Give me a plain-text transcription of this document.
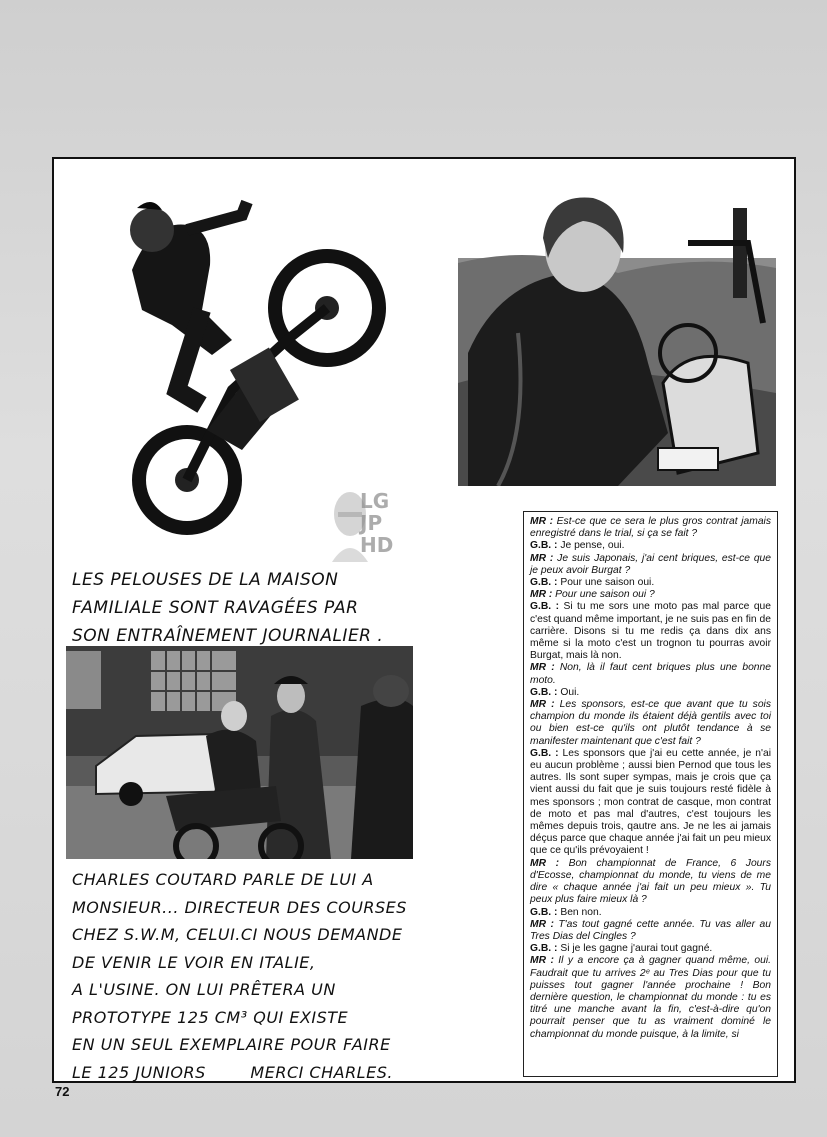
LG
JP
HD
LES PELOUSES DE LA MAISON
FAMILIALE SONT RAVAGÉES PAR
SON ENTRAÎNEMENT JOURNALIER .
CHARLES COUTARD PARLE DE LUI A
MONSIEUR... DIRECTEUR DES COURSES
CHEZ S.W.M, CELUI.CI NOUS DEMANDE
DE VENIR LE VOIR EN ITALIE,
A L'USINE. ON LUI PRÊTERA UN
PROTOTYPE 125 CM³ QUI EXISTE
EN UN SEUL EXEMPLAIRE POUR FAIRE
LE 125 JUNIORS        MERCI CHARLES.

MR : Est-ce que ce sera le plus gros contrat jamais enregistré dans le trial, si ça se fait ?

G.B. : Je pense, oui.

MR : Je suis Japonais, j'ai cent briques, est-ce que je peux avoir Burgat ?

G.B. : Pour une saison oui.

MR : Pour une saison oui ?

G.B. : Si tu me sors une moto pas mal parce que c'est quand même important, je ne suis pas en fin de carrière. Disons si tu me redis ça dans dix ans même si la moto c'est un trognon tu pourras avoir Burgat, mais là non.

MR : Non, là il faut cent briques plus une bonne moto.

G.B. : Oui.

MR : Les sponsors, est-ce que avant que tu sois champion du monde ils étaient déjà gentils avec toi ou bien est-ce qu'ils ont plutôt tendance à se manifester maintenant que c'est fait ?

G.B. : Les sponsors que j'ai eu cette année, je n'ai eu aucun problème ; aussi bien Pernod que tous les autres. Ils sont super sympas, mais je crois que ça vient aussi du fait que je suis toujours resté fidèle à mes sponsors ; mon contrat de casque, mon contrat de moto et pas mal d'autres, c'est toujours les mêmes depuis trois, qautre ans. Je ne les ai jamais déçus parce que chaque année j'ai fait un peu mieux que ce qu'ils prévoyaient !

MR : Bon championnat de France, 6 Jours d'Ecosse, championnat du monde, tu viens de me dire « chaque année j'ai fait un peu mieux ». Tu peux plus faire mieux là ?

G.B. : Ben non.

MR : T'as tout gagné cette année. Tu vas aller au Tres Dias del Cingles ?

G.B. : Si je les gagne j'aurai tout gagné.

MR : Il y a encore ça à gagner quand même, oui. Faudrait que tu arrives 2ᵉ au Tres Dias pour que tu puisses tout gagner l'année prochaine ! Bon dernière question, le championnat du monde : tu es titré une manche avant la fin, c'est-à-dire qu'on pourrait penser que tu as vraiment dominé le championnat du monde puisque, à la limite, si

72
